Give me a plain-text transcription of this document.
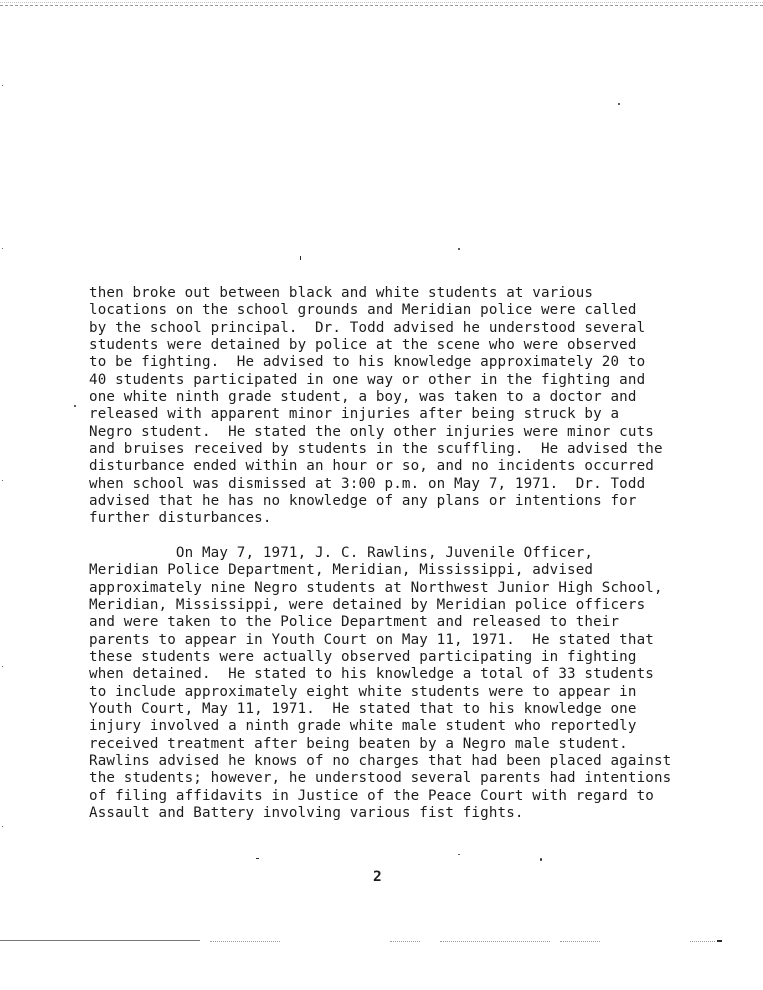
then broke out between black and white students at various
locations on the school grounds and Meridian police were called
by the school principal.  Dr. Todd advised he understood several
students were detained by police at the scene who were observed
to be fighting.  He advised to his knowledge approximately 20 to
40 students participated in one way or other in the fighting and
one white ninth grade student, a boy, was taken to a doctor and
released with apparent minor injuries after being struck by a
Negro student.  He stated the only other injuries were minor cuts
and bruises received by students in the scuffling.  He advised the
disturbance ended within an hour or so, and no incidents occurred
when school was dismissed at 3:00 p.m. on May 7, 1971.  Dr. Todd
advised that he has no knowledge of any plans or intentions for
further disturbances.
On May 7, 1971, J. C. Rawlins, Juvenile Officer,
Meridian Police Department, Meridian, Mississippi, advised
approximately nine Negro students at Northwest Junior High School,
Meridian, Mississippi, were detained by Meridian police officers
and were taken to the Police Department and released to their
parents to appear in Youth Court on May 11, 1971.  He stated that
these students were actually observed participating in fighting
when detained.  He stated to his knowledge a total of 33 students
to include approximately eight white students were to appear in
Youth Court, May 11, 1971.  He stated that to his knowledge one
injury involved a ninth grade white male student who reportedly
received treatment after being beaten by a Negro male student.
Rawlins advised he knows of no charges that had been placed against
the students; however, he understood several parents had intentions
of filing affidavits in Justice of the Peace Court with regard to
Assault and Battery involving various fist fights.
2
